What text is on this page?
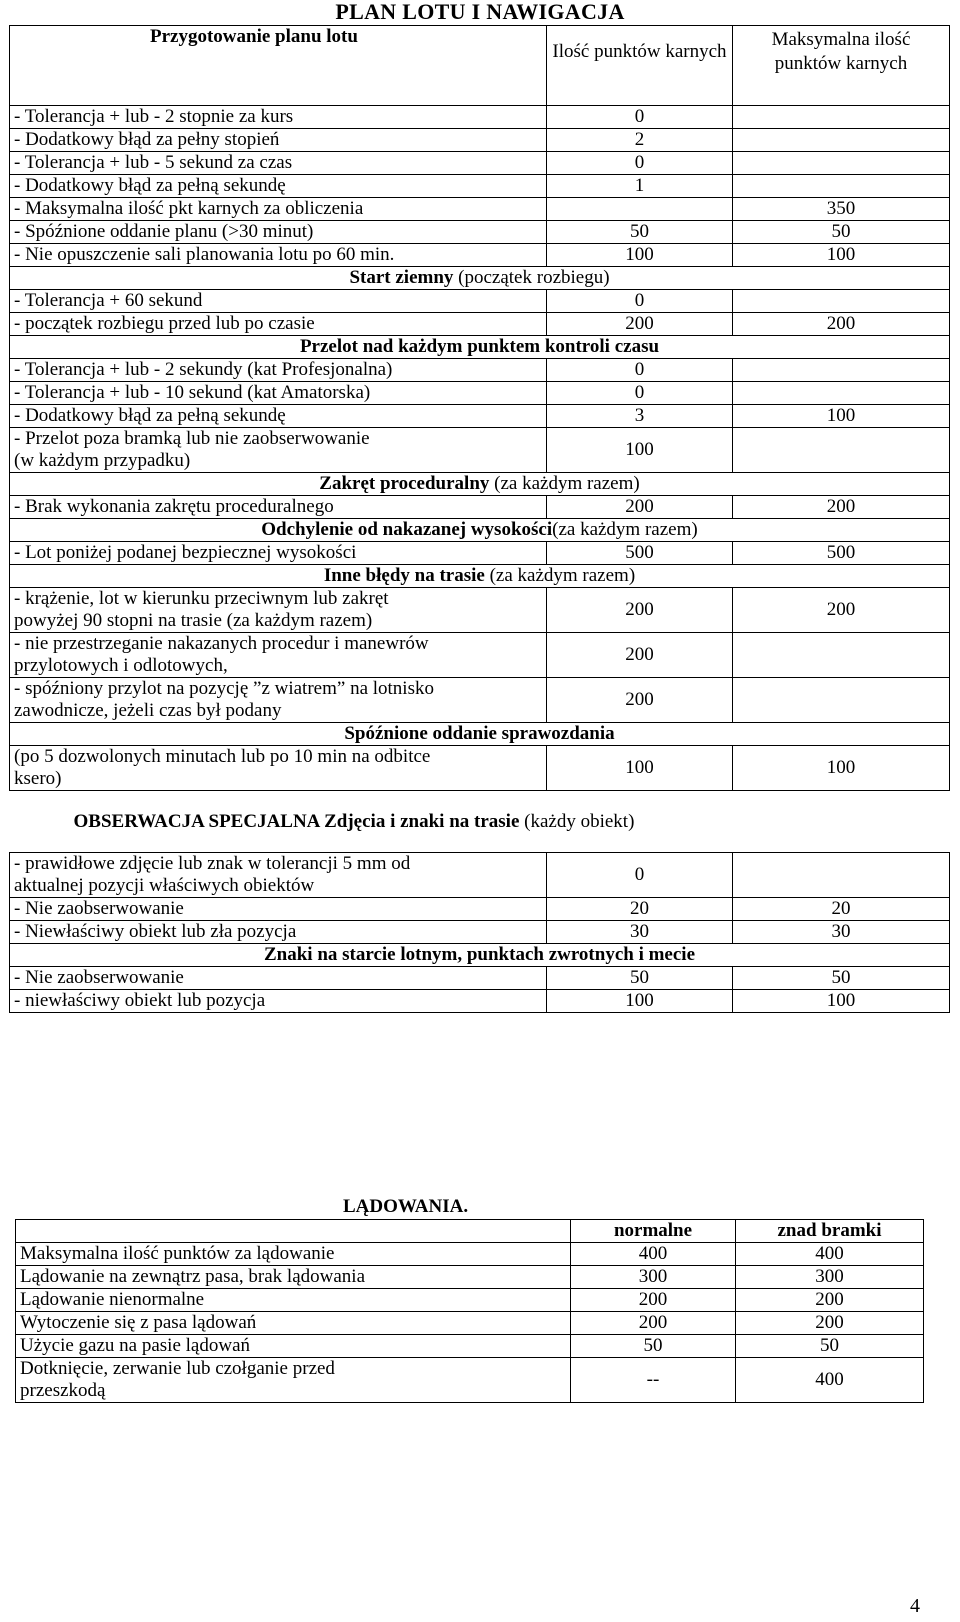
PLAN LOTU I NAWIGACJA
Przygotowanie planu lotu	Ilość punktów karnych	Maksymalna ilość punktów karnych
- Tolerancja + lub - 2 stopnie za kurs	0	
- Dodatkowy błąd za pełny stopień	2	
- Tolerancja + lub - 5 sekund za czas	0	
- Dodatkowy błąd za pełną sekundę	1	
- Maksymalna ilość pkt karnych za obliczenia		350
- Spóźnione oddanie planu (>30 minut)	50	50
- Nie opuszczenie sali planowania lotu po 60 min.	100	100
Start ziemny (początek rozbiegu)		
- Tolerancja + 60 sekund	0	
- początek rozbiegu przed lub po czasie	200	200
Przelot nad każdym punktem kontroli czasu		
- Tolerancja + lub - 2 sekundy (kat Profesjonalna)	0	
- Tolerancja + lub - 10 sekund (kat Amatorska)	0	
- Dodatkowy błąd za pełną sekundę	3	100

- Przelot poza bramką lub nie zaobserwowanie
(w każdym przypadku)	100	
Zakręt proceduralny (za każdym razem)		
- Brak wykonania zakrętu proceduralnego	200	200
Odchylenie od nakazanej wysokości(za każdym razem)		
- Lot poniżej podanej bezpiecznej wysokości	500	500
Inne błędy na trasie (za każdym razem)		

- krążenie, lot w kierunku przeciwnym lub zakręt
powyżej 90 stopni na trasie (za każdym razem)	200	200

- nie przestrzeganie nakazanych procedur i manewrów
przylotowych i odlotowych,	200	

- spóźniony przylot na pozycję ”z wiatrem” na lotnisko
zawodnicze, jeżeli czas był podany	200	
Spóźnione oddanie sprawozdania		

(po 5 dozwolonych minutach lub po 10 min na odbitce
ksero)	100	100
OBSERWACJA SPECJALNA Zdjęcia i znaki na trasie (każdy obiekt)		

- prawidłowe zdjęcie lub znak w tolerancji 5 mm od
aktualnej pozycji właściwych obiektów	0	
- Nie zaobserwowanie	20	20
- Niewłaściwy obiekt lub zła pozycja	30	30
Znaki na starcie lotnym, punktach zwrotnych i mecie		
- Nie zaobserwowanie	50	50
- niewłaściwy obiekt lub pozycja	100	100
LĄDOWANIA.
	normalne	znad bramki
Maksymalna ilość punktów za lądowanie	400	400
Lądowanie na zewnątrz pasa, brak lądowania	300	300
Lądowanie nienormalne	200	200
Wytoczenie się z pasa lądowań	200	200
Użycie gazu na pasie lądowań	50	50

Dotknięcie, zerwanie lub czołganie przed
przeszkodą	--	400
4
